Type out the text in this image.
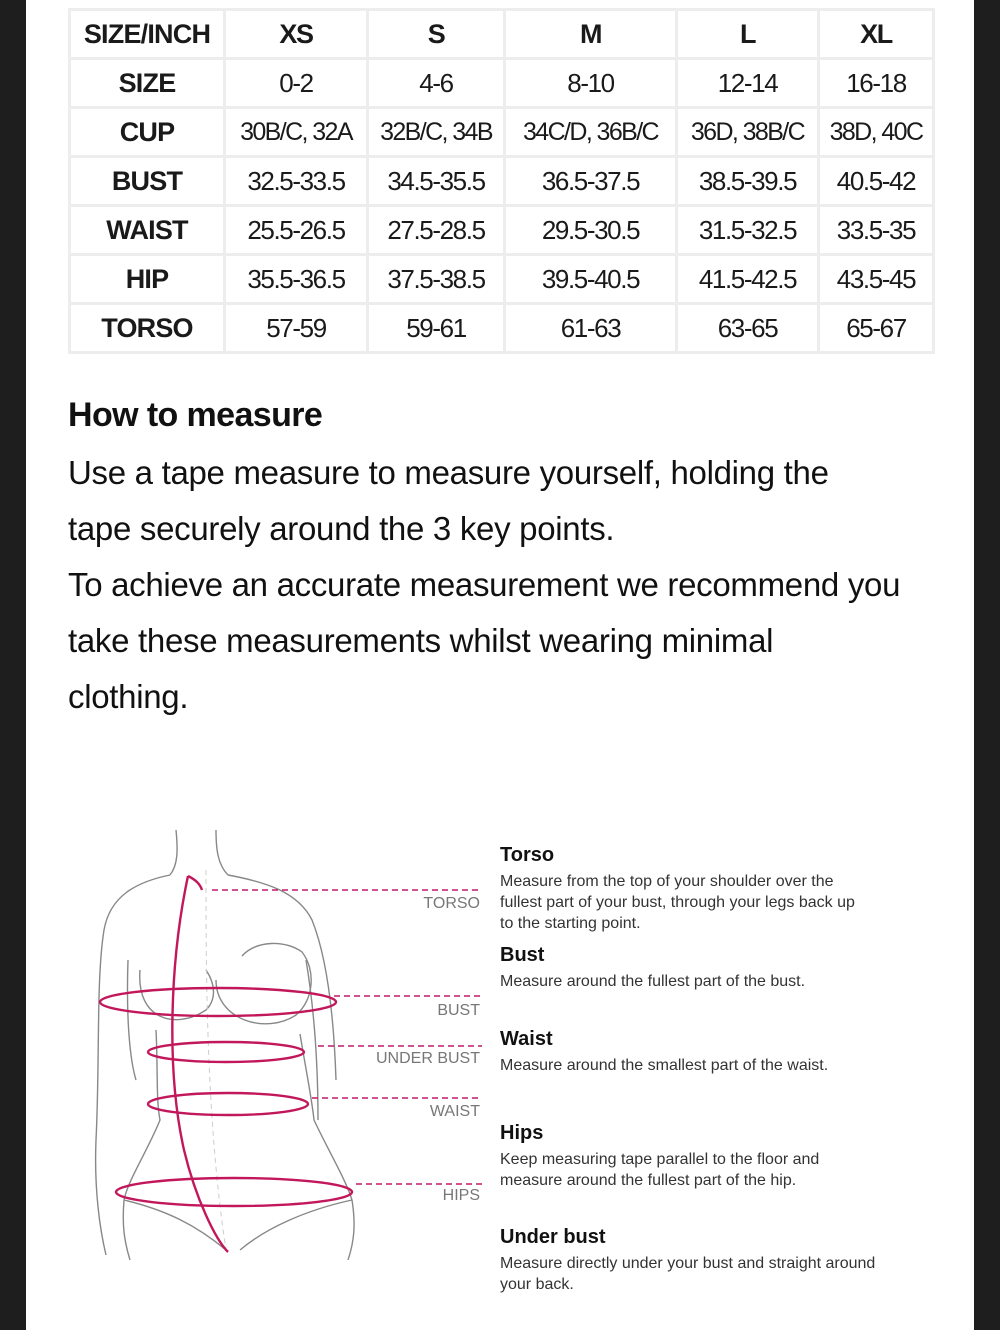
SIZE/INCH	XS	S	M	L	XL
SIZE	0-2	4-6	8-10	12-14	16-18
CUP	30B/C, 32A	32B/C, 34B	34C/D, 36B/C	36D, 38B/C	38D, 40C
BUST	32.5-33.5	34.5-35.5	36.5-37.5	38.5-39.5	40.5-42
WAIST	25.5-26.5	27.5-28.5	29.5-30.5	31.5-32.5	33.5-35
HIP	35.5-36.5	37.5-38.5	39.5-40.5	41.5-42.5	43.5-45
TORSO	57-59	59-61	61-63	63-65	65-67
How to measure

Use a tape measure to measure yourself, holding the

tape securely around the 3 key points.

To achieve an accurate measurement we recommend you

take these measurements whilst wearing minimal

clothing.

TORSO
BUST
UNDER BUST
WAIST
HIPS

Torso

Measure from the top of your shoulder over the
fullest part of your bust, through your legs back up
to the starting point.

Bust

Measure around the fullest part of the bust.

Waist

Measure around the smallest part of the waist.

Hips

Keep measuring tape parallel to the floor and
measure around the fullest part of the hip.

Under bust

Measure directly under your bust and straight around
your back.
